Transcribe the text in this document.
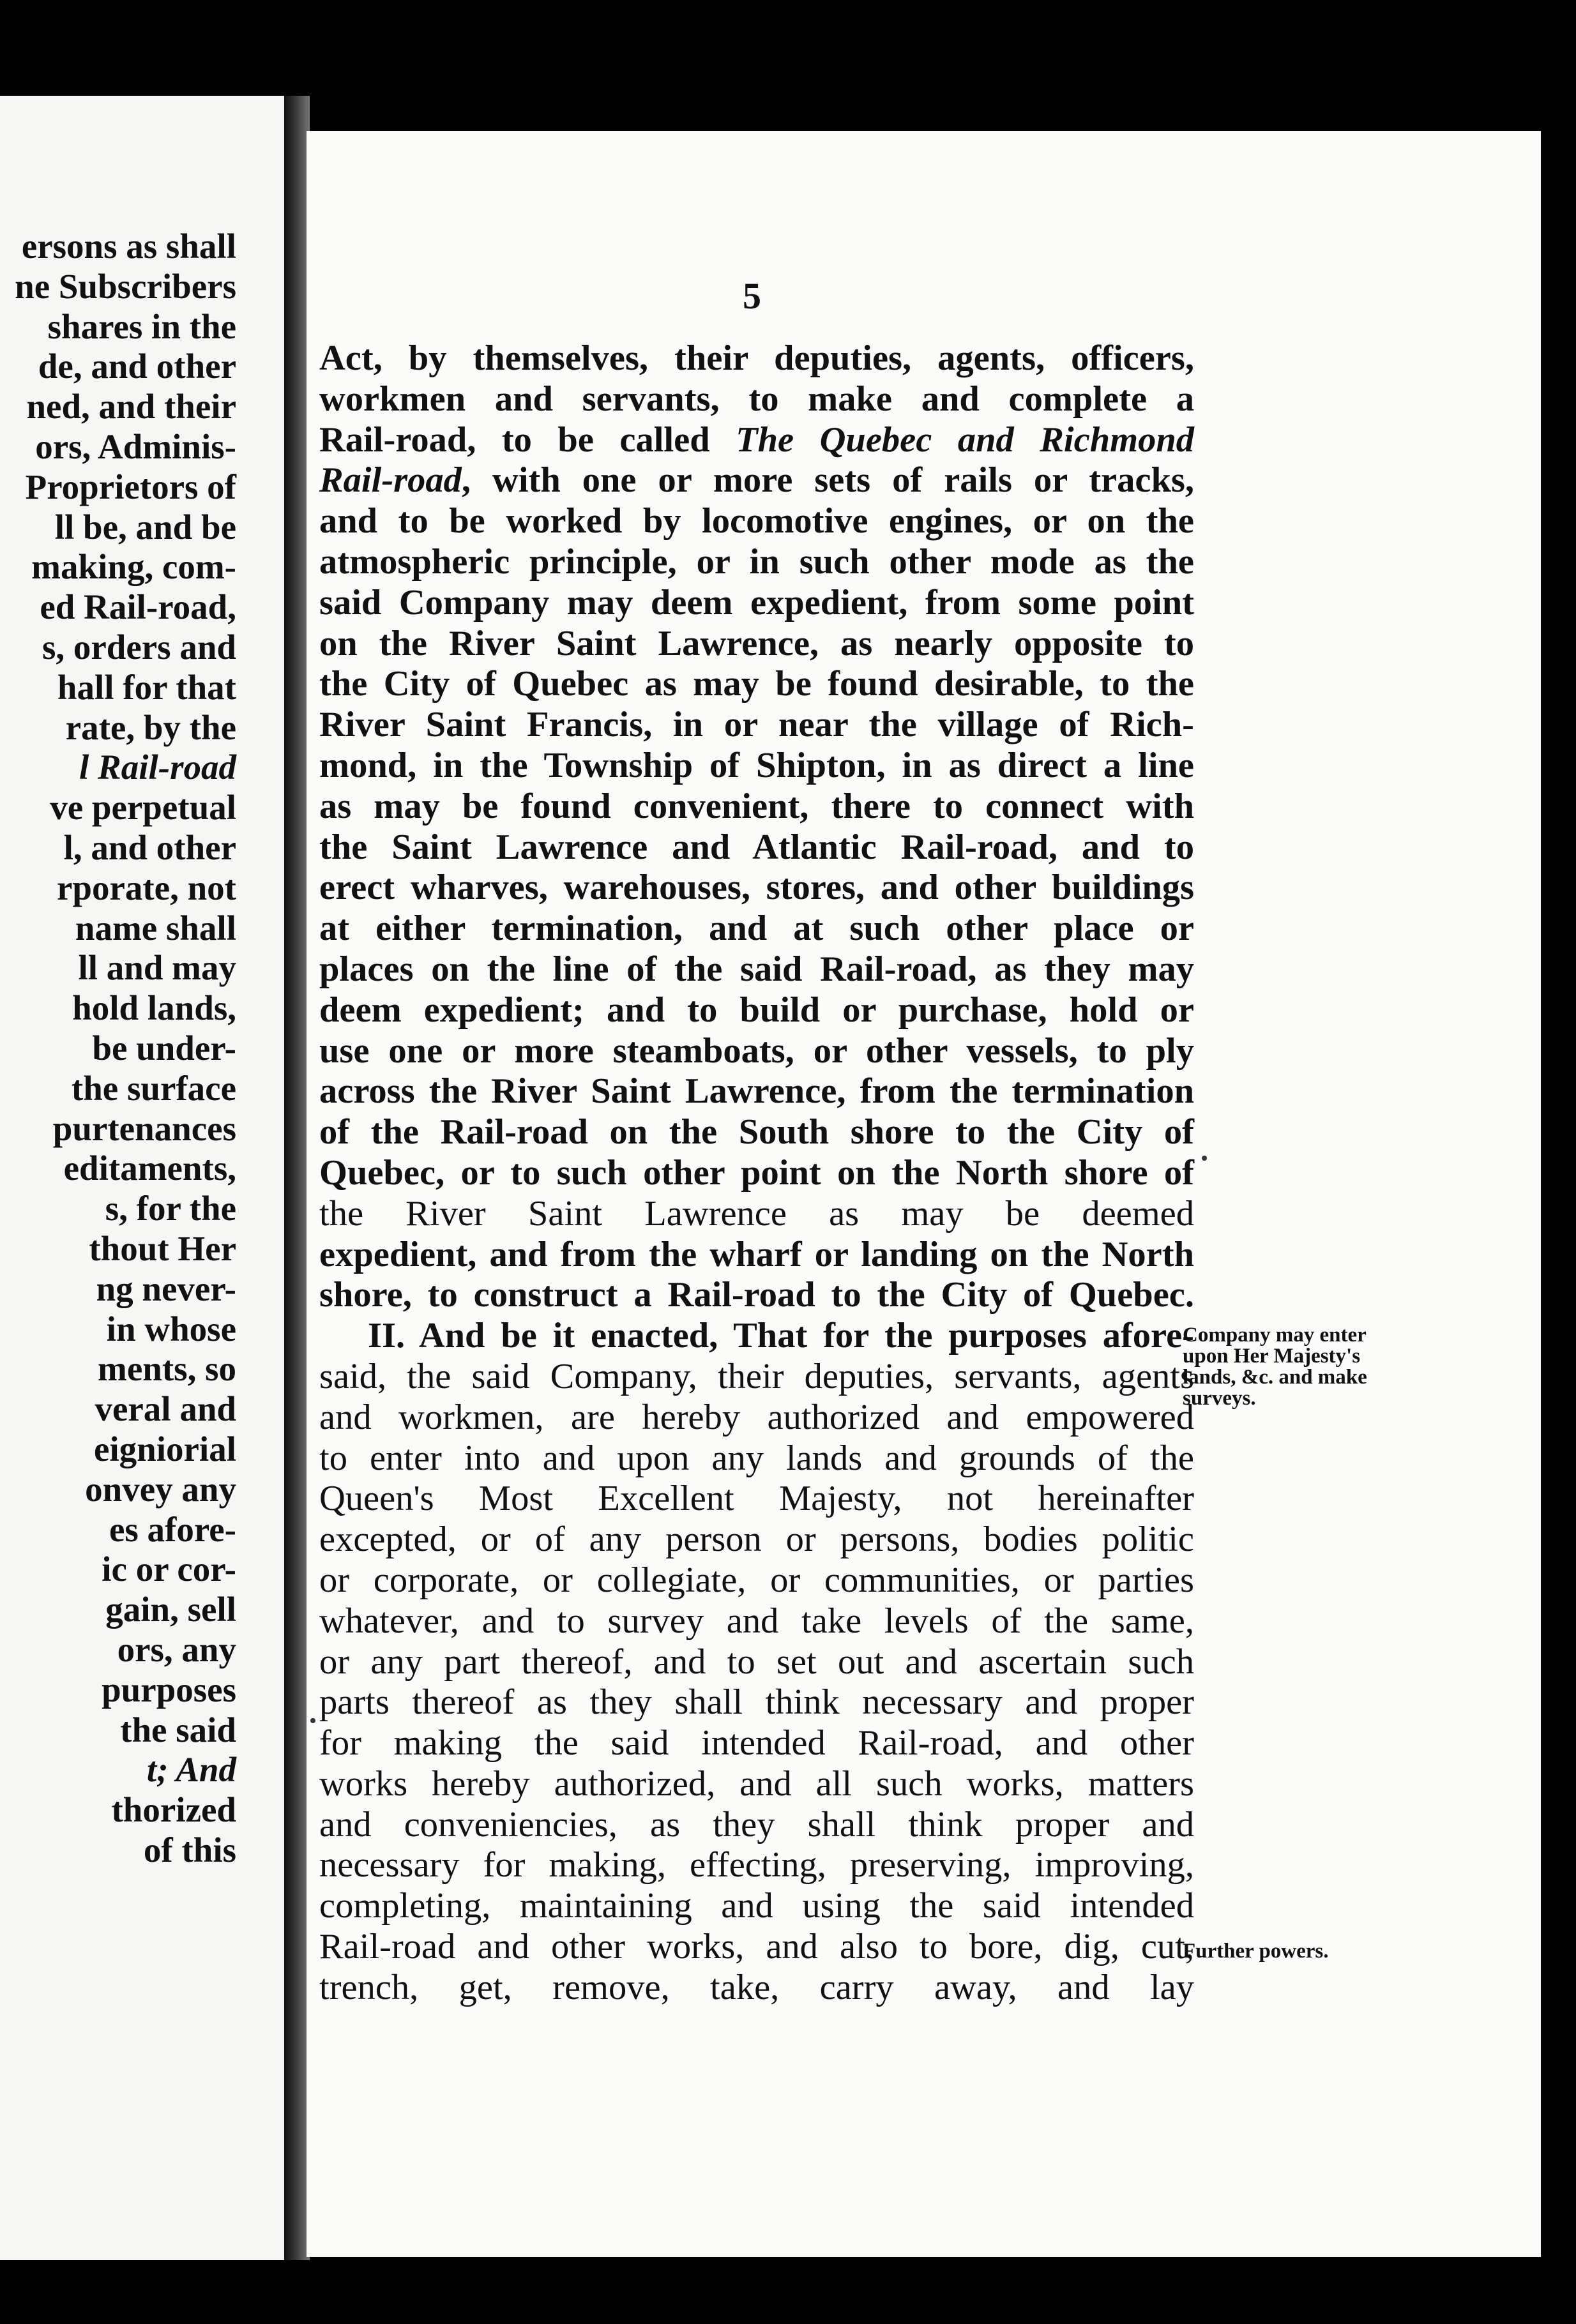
ersons as shall
ne Subscribers
shares in the
de, and other
ned, and their
ors, Adminis-
Proprietors of
ll be, and be
making, com-
ed Rail-road,
s, orders and
hall for that
rate, by the
l Rail-road
ve perpetual
l, and other
rporate, not
name shall
ll and may
hold lands,
be under-
the surface
purtenances
editaments,
s, for the
thout Her
ng never-
in whose
ments, so
veral and
eigniorial
onvey any
es afore-
ic or cor-
gain, sell
ors, any
purposes
the said
t; And
thorized
of this
5
Act, by themselves, their deputies, agents, officers,
workmen and servants, to make and complete a
Rail-road, to be called The Quebec and Richmond
Rail-road, with one or more sets of rails or tracks,
and to be worked by locomotive engines, or on the
atmospheric principle, or in such other mode as the
said Company may deem expedient, from some point
on the River Saint Lawrence, as nearly opposite to
the City of Quebec as may be found desirable, to the
River Saint Francis, in or near the village of Rich-
mond, in the Township of Shipton, in as direct a line
as may be found convenient, there to connect with
the Saint Lawrence and Atlantic Rail-road, and to
erect wharves, warehouses, stores, and other buildings
at either termination, and at such other place or
places on the line of the said Rail-road, as they may
deem expedient; and to build or purchase, hold or
use one or more steamboats, or other vessels, to ply
across the River Saint Lawrence, from the termination
of the Rail-road on the South shore to the City of
Quebec, or to such other point on the North shore of
the River Saint Lawrence as may be deemed
expedient, and from the wharf or landing on the North
shore, to construct a Rail-road to the City of Quebec.
II. And be it enacted, That for the purposes afore-
said, the said Company, their deputies, servants, agents
and workmen, are hereby authorized and empowered
to enter into and upon any lands and grounds of the
Queen's Most Excellent Majesty, not hereinafter
excepted, or of any person or persons, bodies politic
or corporate, or collegiate, or communities, or parties
whatever, and to survey and take levels of the same,
or any part thereof, and to set out and ascertain such
parts thereof as they shall think necessary and proper
for making the said intended Rail-road, and other
works hereby authorized, and all such works, matters
and conveniencies, as they shall think proper and
necessary for making, effecting, preserving, improving,
completing, maintaining and using the said intended
Rail-road and other works, and also to bore, dig, cut,
trench, get, remove, take, carry away, and lay
Company may enter
upon Her Majesty's
lands, &c. and make
surveys.
Further powers.
